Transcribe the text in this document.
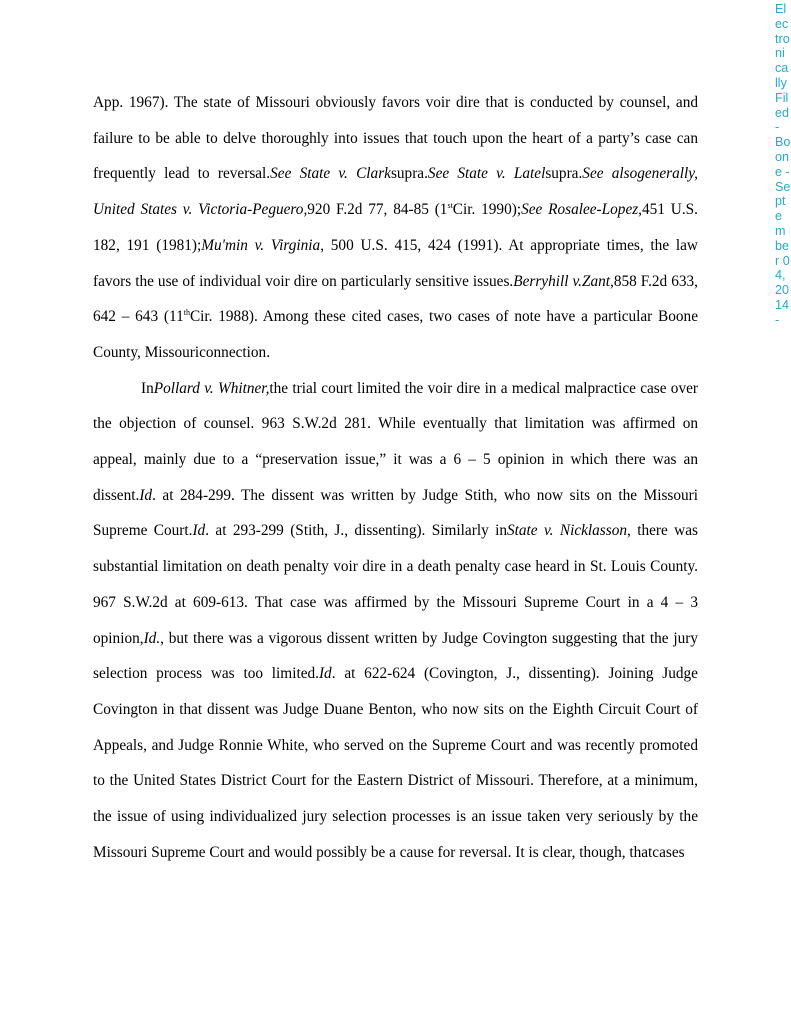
Electronically Filed - Boone - September 04, 2014 -

App. 1967). The state of Missouri obviously favors voir dire that is conducted by counsel, and failure to be able to delve thoroughly into issues that touch upon the heart of a party’s case can frequently lead to reversal.See State v. Clarksupra.See State v. Latelsupra.See alsogenerally, United States v. Victoria-Peguero,920 F.2d 77, 84-85 (1stCir. 1990);See Rosalee-Lopez,451 U.S. 182, 191 (1981);Mu'min v. Virginia, 500 U.S. 415, 424 (1991). At appropriate times, the law favors the use of individual voir dire on particularly sensitive issues.Berryhill v.Zant,858 F.2d 633, 642 – 643 (11thCir. 1988). Among these cited cases, two cases of note have a particular Boone County, Missouriconnection.

InPollard v. Whitner,the trial court limited the voir dire in a medical malpractice case over the objection of counsel. 963 S.W.2d 281. While eventually that limitation was affirmed on appeal, mainly due to a “preservation issue,” it was a 6 – 5 opinion in which there was an dissent.Id. at 284-299. The dissent was written by Judge Stith, who now sits on the Missouri Supreme Court.Id. at 293-299 (Stith, J., dissenting). Similarly inState v. Nicklasson, there was substantial limitation on death penalty voir dire in a death penalty case heard in St. Louis County. 967 S.W.2d at 609-613. That case was affirmed by the Missouri Supreme Court in a 4 – 3 opinion,Id., but there was a vigorous dissent written by Judge Covington suggesting that the jury selection process was too limited.Id. at 622-624 (Covington, J., dissenting). Joining Judge Covington in that dissent was Judge Duane Benton, who now sits on the Eighth Circuit Court of Appeals, and Judge Ronnie White, who served on the Supreme Court and was recently promoted to the United States District Court for the Eastern District of Missouri. Therefore, at a minimum, the issue of using individualized jury selection processes is an issue taken very seriously by the Missouri Supreme Court and would possibly be a cause for reversal. It is clear, though, thatcases
